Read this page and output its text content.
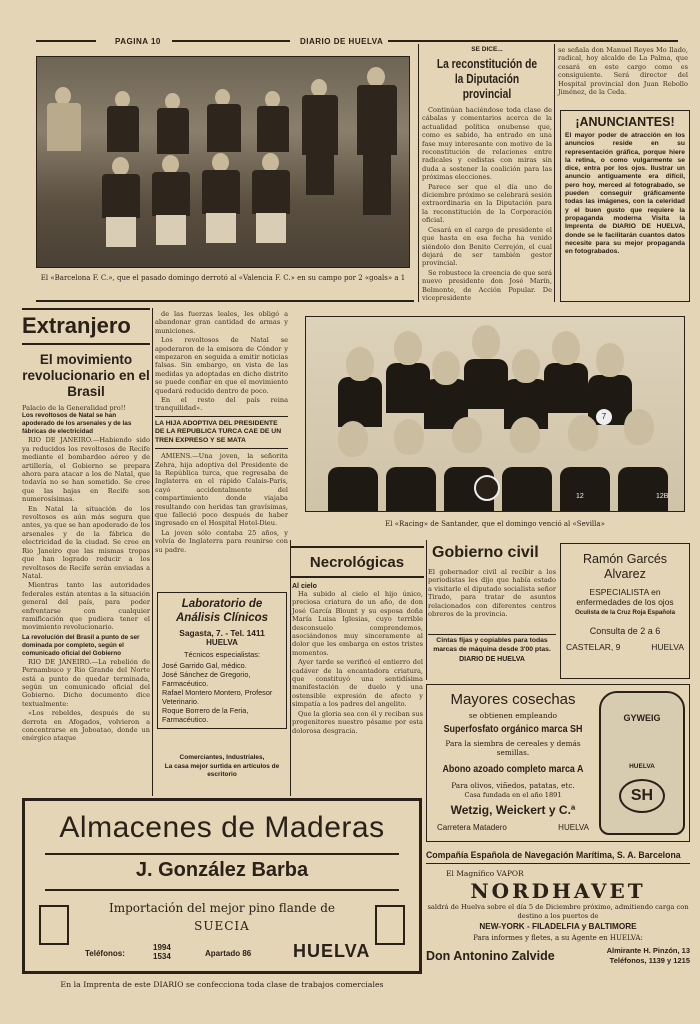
PAGINA 10	DIARIO DE HUELVA
El «Barcelona F. C.», que el pasado domingo derrotó al «Valencia F. C.» en su campo por 2 «goals» a 1
SE DICE...
La reconstitución de la Diputación provincial

Continúan haciéndose toda clase de cábalas y comentarios acerca de la actualidad política onubense que, como es sabido, ha entrado en una fase muy interesante con motivo de la reconstitución de relaciones entre radicales y cedistas con miras sin duda a sostener la coalición para las próximas elecciones.

Parece ser que el día uno de diciembre próximo se celebrará sesión extraordinaria en la Diputación para la reconstitución de la Corporación oficial.

Cesará en el cargo de presidente el que hasta en esa fecha ha venido siéndolo don Benito Cerrejón, el cual dejará de ser también gestor provincial.

Se robustece la creencia de que será nuevo presidente don José Marín, Belmonte, de Acción Popular. De vicepresidente

se señala don Manuel Reyes Mo Ilado, radical, hoy alcalde de La Palma, que cesará en este cargo como es consiguiente. Será director del Hospital provincial don Juan Rebollo Jiménez, de la Ceda.
¡ANUNCIANTES!
El mayor poder de atracción en los anuncios reside en su representación gráfica, porque hiere la retina, o como vulgarmente se dice, entra por los ojos. Ilustrar un anuncio antiguamente era difícil, pero hoy, merced al fotograbado, se pueden conseguir gráficamente todas las imágenes, con la celeridad y el buen gusto que requiere la propaganda moderna Visita la Imprenta de DIARIO DE HUELVA, donde se le facilitarán cuantos datos necesite para su mejor propaganda en fotograbados.
Extranjero
El movimiento revolucionario en el Brasil
Palacio de la Generalidad pro!!
Los revoltosos de Natal se han apoderado de los arsenales y de las fábricas de electricidad

RIO DE JANEIRO.—Habiendo sido ya reducidos los revoltosos de Recife mediante el bombardeo aéreo y de artillería, el Gobierno se prepara ahora para atacar a los de Natal, que todavía no se han sometido. Se cree que las bajas en Recife son numerosísimas.

En Natal la situación de los revoltosos es aún más segura que antes, ya que se han apoderado de los arsenales y de la fábrica de electricidad de la ciudad. Se cree en Rio Janeiro que las mismas tropas que han logrado reducir a los revoltosos de Recife serán enviadas a Natal.

Mientras tanto las autoridades federales están atentas a la situación general del país, para poder enfrentarse con cualquier ramificación que pudiera tener el movimiento revolucionario.

La revolución del Brasil a punto de ser dominada por completo, según el comunicado oficial del Gobierno

RIO DE JANEIRO.—La rebelión de Pernambuco y Rio Grande del Norte está a punto de quedar terminada, según un comunicado oficial del Gobierno. Dicho documento dice textualmente:

«Los rebeldes, después de su derrota en Afogados, volvieron a concentrarse en Joboatao, donde un enérgico ataque

de las fuerzas leales, les obligó a abandonar gran cantidad de armas y municiones.

Los revoltosos de Natal se apoderaron de la emisora de Cóndor y empezaron en seguida a emitir noticias falsas. Sin embargo, en vista de las medidas ya adoptadas en dicho distrito se puede confiar en que el movimiento quedará reducido dentro de poco.

En el resto del país reina tranquilidad».

LA HIJA ADOPTIVA DEL PRESIDENTE DE LA REPUBLICA TURCA CAE DE UN TREN EXPRESO Y SE MATA

AMIENS.—Una joven, la señorita Zehra, hija adoptiva del Presidente de la República turca, que regresaba de Inglaterra en el rápido Calais-París, cayó accidentalmente del compartimiento donde viajaba resultando con heridas tan gravísimas, que falleció poco después de haber ingresado en el Hospital Hotel-Dieu.

La joven sólo contaba 25 años, y volvía de Inglaterra para reunirse con su padre.

Laboratorio de Análisis Clínicos
Sagasta, 7. - Tel. 1411
HUELVA
Técnicos especialistas:
José Garrido Gal, médico.
José Sánchez de Gregorio, Farmacéutico.
Rafael Montero Montero, Profesor Veterinario.
Roque Borrero de la Feria, Farmacéutico.
Comerciantes, Industriales,
La casa mejor surtida en artículos de escritorio
7
12	12B
El «Racing» de Santander, que el domingo venció al «Sevilla»
Necrológicas
Al cielo

Ha subido al cielo el hijo único, preciosa criatura de un año, de don José García Blount y su esposa doña María Luisa Iglesias, cuyo terrible desconsuelo comprendemos, asociándonos muy sinceramente al dolor que les embarga en estos tristes momentos.

Ayer tarde se verificó el entierro del cadáver de la encantadora criatura, que constituyó una sentidísima manifestación de duelo y una ostensible expresión de afecto y simpatía a los padres del angelito.

Que la gloria sea con él y reciban sus progenitores nuestro pésame por esta dolorosa desgracia.

Gobierno civil
El gobernador civil al recibir a los periodistas les dijo que había estado a visitarle el diputado socialista señor Tirado, para tratar de asuntos relacionados con diferentes centros obreros de la provincia.
Cintas fijas y copiables para todas marcas de máquina desde 3'00 ptas.
DIARIO DE HUELVA
Ramón Garcés Alvarez
ESPECIALISTA en enfermedades de los ojos
Oculista de la Cruz Roja Española
Consulta de 2 a 6
CASTELAR, 9	HUELVA
Mayores cosechas
se obtienen empleando
Superfosfato orgánico marca SH
Para la siembra de cereales y demás semillas.
Abono azoado completo marca A
Para olivos, viñedos, patatas, etc.
Casa fundada en el año 1891
Wetzig, Weickert y C.ª
Carretera Matadero	HUELVA
GYWEIG
HUELVA
SH
Almacenes de Maderas
J. González Barba
Importación del mejor pino flande de
SUECIA
Teléfonos:
1994
1534	Apartado 86 HUELVA
Compañía Española de Navegación Marítima, S. A. Barcelona
El Magnífico VAPOR
NORDHAVET
saldrá de Huelva sobre el día 5 de Diciembre próximo, admitiendo carga con destino a los puertos de
NEW-YORK - FILADELFIA y BALTIMORE
Para informes y fletes, a su Agente en HUELVA:
Don Antonino Zalvide	Almirante H. Pinzón, 13
Teléfonos, 1139 y 1215
En la Imprenta de este DIARIO se confecciona toda clase de trabajos comerciales
